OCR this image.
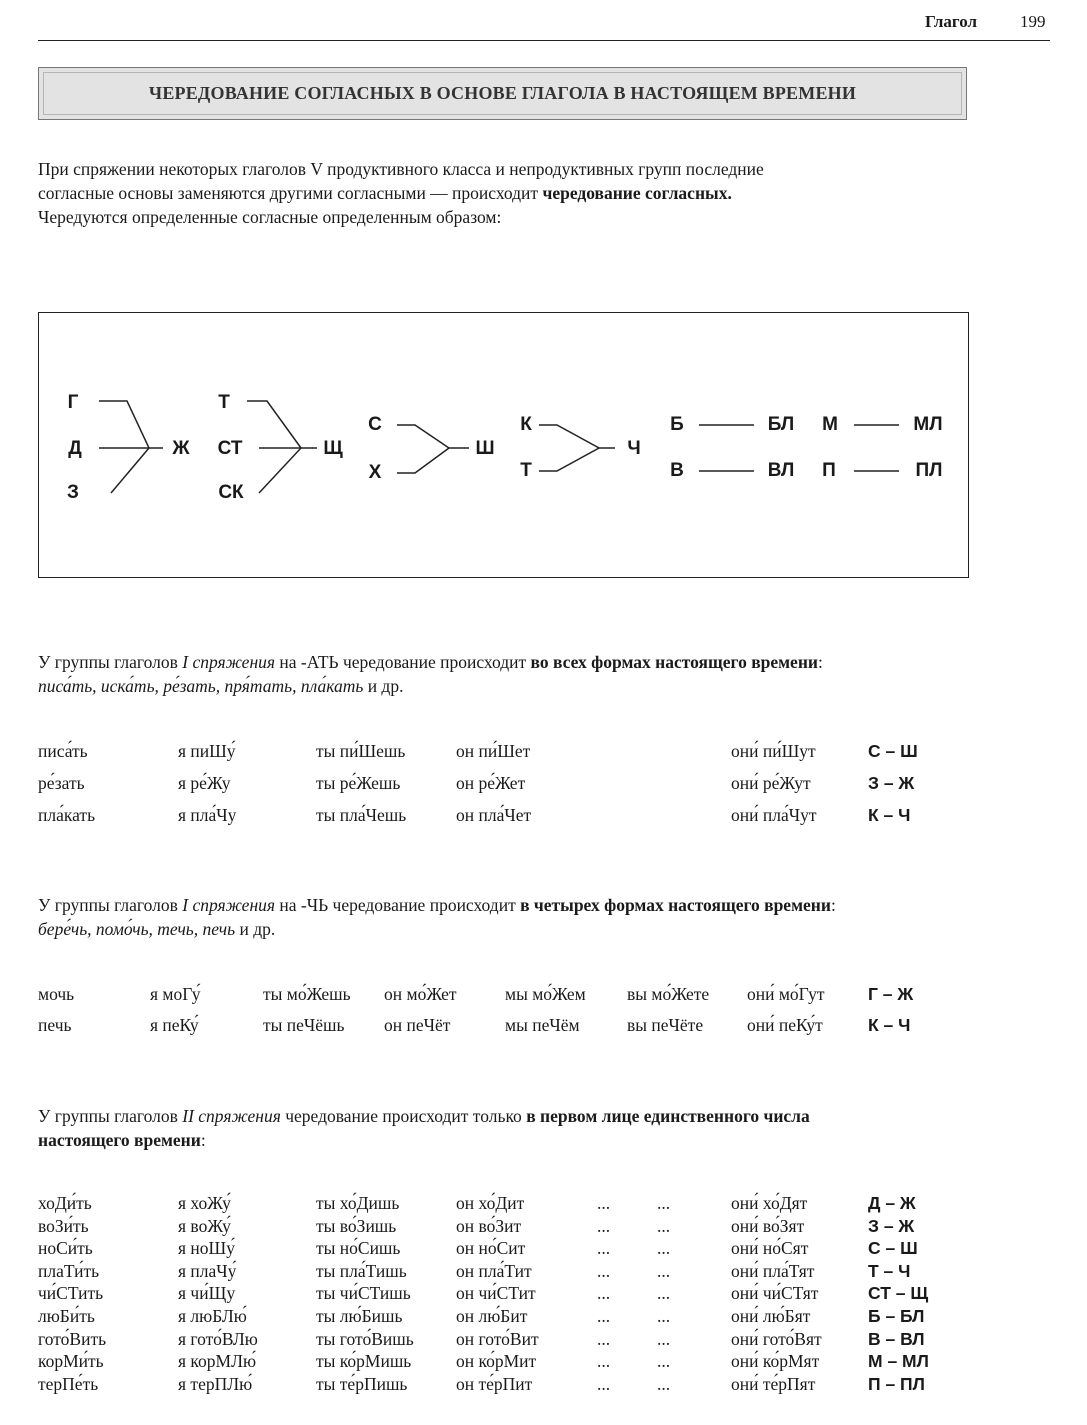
Глагол	199
ЧЕРЕДОВАНИЕ СОГЛАСНЫХ В ОСНОВЕ ГЛАГОЛА В НАСТОЯЩЕМ ВРЕМЕНИ
При спряжении некоторых глаголов V продуктивного класса и непродуктивных групп последние
согласные основы заменяются другими согласными — происходит чередование согласных.
Чередуются определенные согласные определенным образом:
Г
Д
З
Ж
Т
СТ
СК
Щ
С
Х
Ш
К
Т
Ч
Б	БЛ
В	ВЛ
М	МЛ
П	ПЛ
У группы глаголов I спряжения на -АТЬ чередование происходит во всех формах настоящего времени:
писа́ть, иска́ть, ре́зать, пря́тать, пла́кать и др.
писа́ть	я пиШу́	ты пи́Шешь	он пи́Шет	они́ пи́Шут	С – Ш
ре́зать	я ре́Жу	ты ре́Жешь	он ре́Жет	они́ ре́Жут	З – Ж
пла́кать	я пла́Чу	ты пла́Чешь	он пла́Чет	они́ пла́Чут	К – Ч
У группы глаголов I спряжения на -ЧЬ чередование происходит в четырех формах настоящего времени:
бере́чь, помо́чь, течь, печь и др.
мочь	я моГу́	ты мо́Жешь он мо́Жет	мы мо́Жем вы мо́Жете они́ мо́Гут Г – Ж
печь	я пеКу́	ты пеЧёшь он пеЧёт	мы пеЧём	вы пеЧёте	они́ пеКу́т	К – Ч
У группы глаголов II спряжения чередование происходит только в первом лице единственного числа
настоящего времени:
хоДи́ть	я хоЖу́	ты хо́Дишь	он хо́Дит	...	...	они́ хо́Дят	Д – Ж
воЗи́ть	я воЖу́	ты во́Зишь	он во́Зит	...	...	они́ во́Зят	З – Ж
ноСи́ть	я ноШу́	ты но́Сишь	он но́Сит	...	...	они́ но́Сят	С – Ш
плаТи́ть	я плаЧу́	ты пла́Тишь	он пла́Тит	...	...	они́ пла́Тят	Т – Ч
чи́СТить	я чи́Щу	ты чи́СТишь	он чи́СТит	...	...	они́ чи́СТят	СТ – Щ
люБи́ть	я люБЛю́	ты лю́Бишь	он лю́Бит	...	...	они́ лю́Бят	Б – БЛ
гото́Вить	я гото́ВЛю	ты гото́Вишь он гото́Вит	...	...	они́ гото́Вят	В – ВЛ
корМи́ть	я корМЛю́	ты ко́рМишь	он ко́рМит	...	...	они́ ко́рМят	М – МЛ
терПе́ть	я терПЛю́	ты те́рПишь	он те́рПит	...	...	они́ те́рПят	П – ПЛ
